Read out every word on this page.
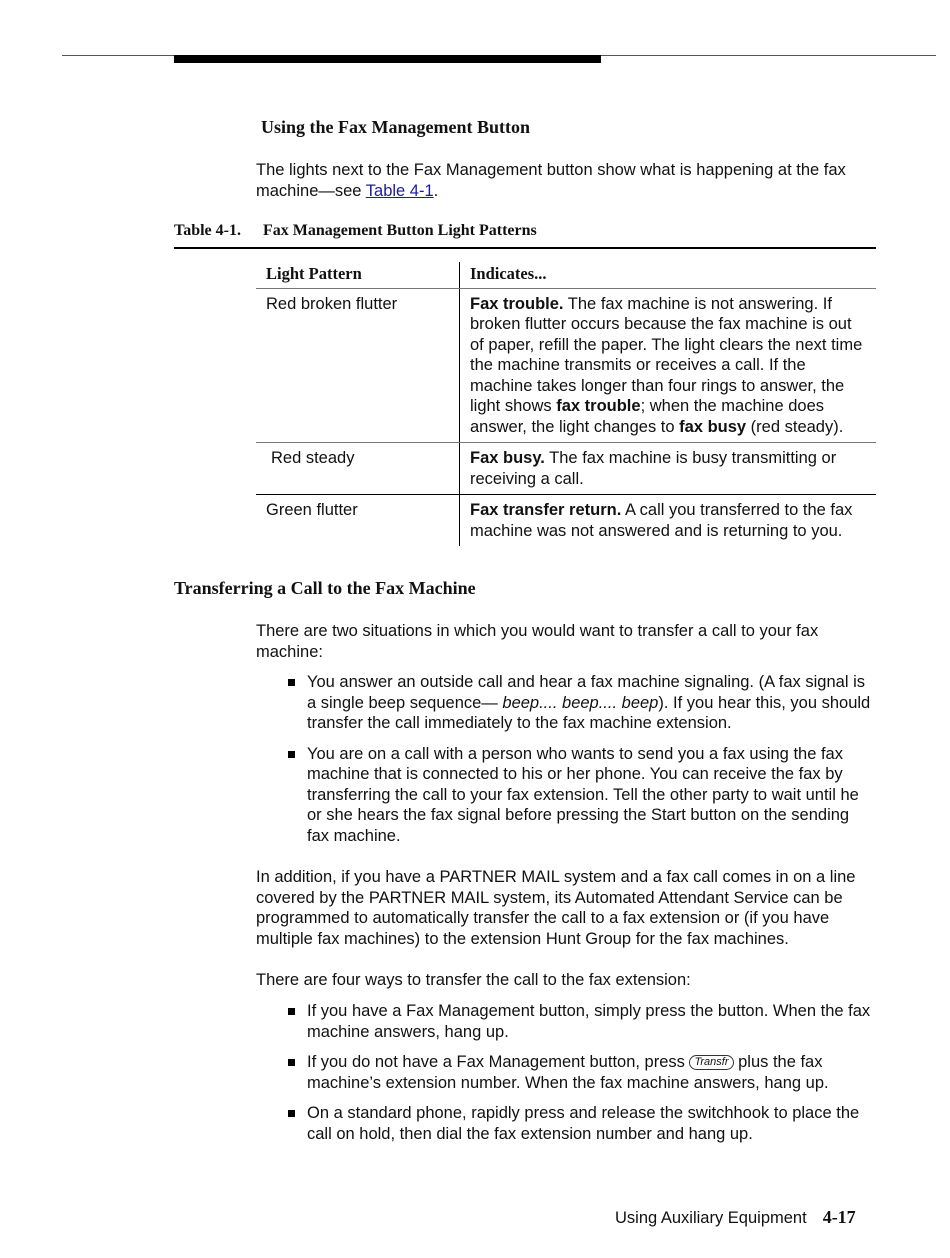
Using the Fax Management Button
The lights next to the Fax Management button show what is happening at the fax machine—see Table 4-1.
Table 4-1. Fax Management Button Light Patterns
Light Pattern	Indicates...
Red broken flutter	Fax trouble. The fax machine is not answering. If broken flutter occurs because the fax machine is out of paper, refill the paper. The light clears the next time the machine transmits or receives a call. If the machine takes longer than four rings to answer, the light shows fax trouble; when the machine does answer, the light changes to fax busy (red steady).
Red steady	Fax busy. The fax machine is busy transmitting or receiving a call.
Green flutter	Fax transfer return. A call you transferred to the fax machine was not answered and is returning to you.
Transferring a Call to the Fax Machine
There are two situations in which you would want to transfer a call to your fax machine:
You answer an outside call and hear a fax machine signaling. (A fax signal is a single beep sequence— beep.... beep.... beep). If you hear this, you should transfer the call immediately to the fax machine extension.
You are on a call with a person who wants to send you a fax using the fax machine that is connected to his or her phone. You can receive the fax by transferring the call to your fax extension. Tell the other party to wait until he or she hears the fax signal before pressing the Start button on the sending fax machine.
In addition, if you have a PARTNER MAIL system and a fax call comes in on a line covered by the PARTNER MAIL system, its Automated Attendant Service can be programmed to automatically transfer the call to a fax extension or (if you have multiple fax machines) to the extension Hunt Group for the fax machines.
There are four ways to transfer the call to the fax extension:
If you have a Fax Management button, simply press the button. When the fax machine answers, hang up.
If you do not have a Fax Management button, press Transfr plus the fax machine’s extension number. When the fax machine answers, hang up.
On a standard phone, rapidly press and release the switchhook to place the call on hold, then dial the fax extension number and hang up.
Using Auxiliary Equipment 4-17
